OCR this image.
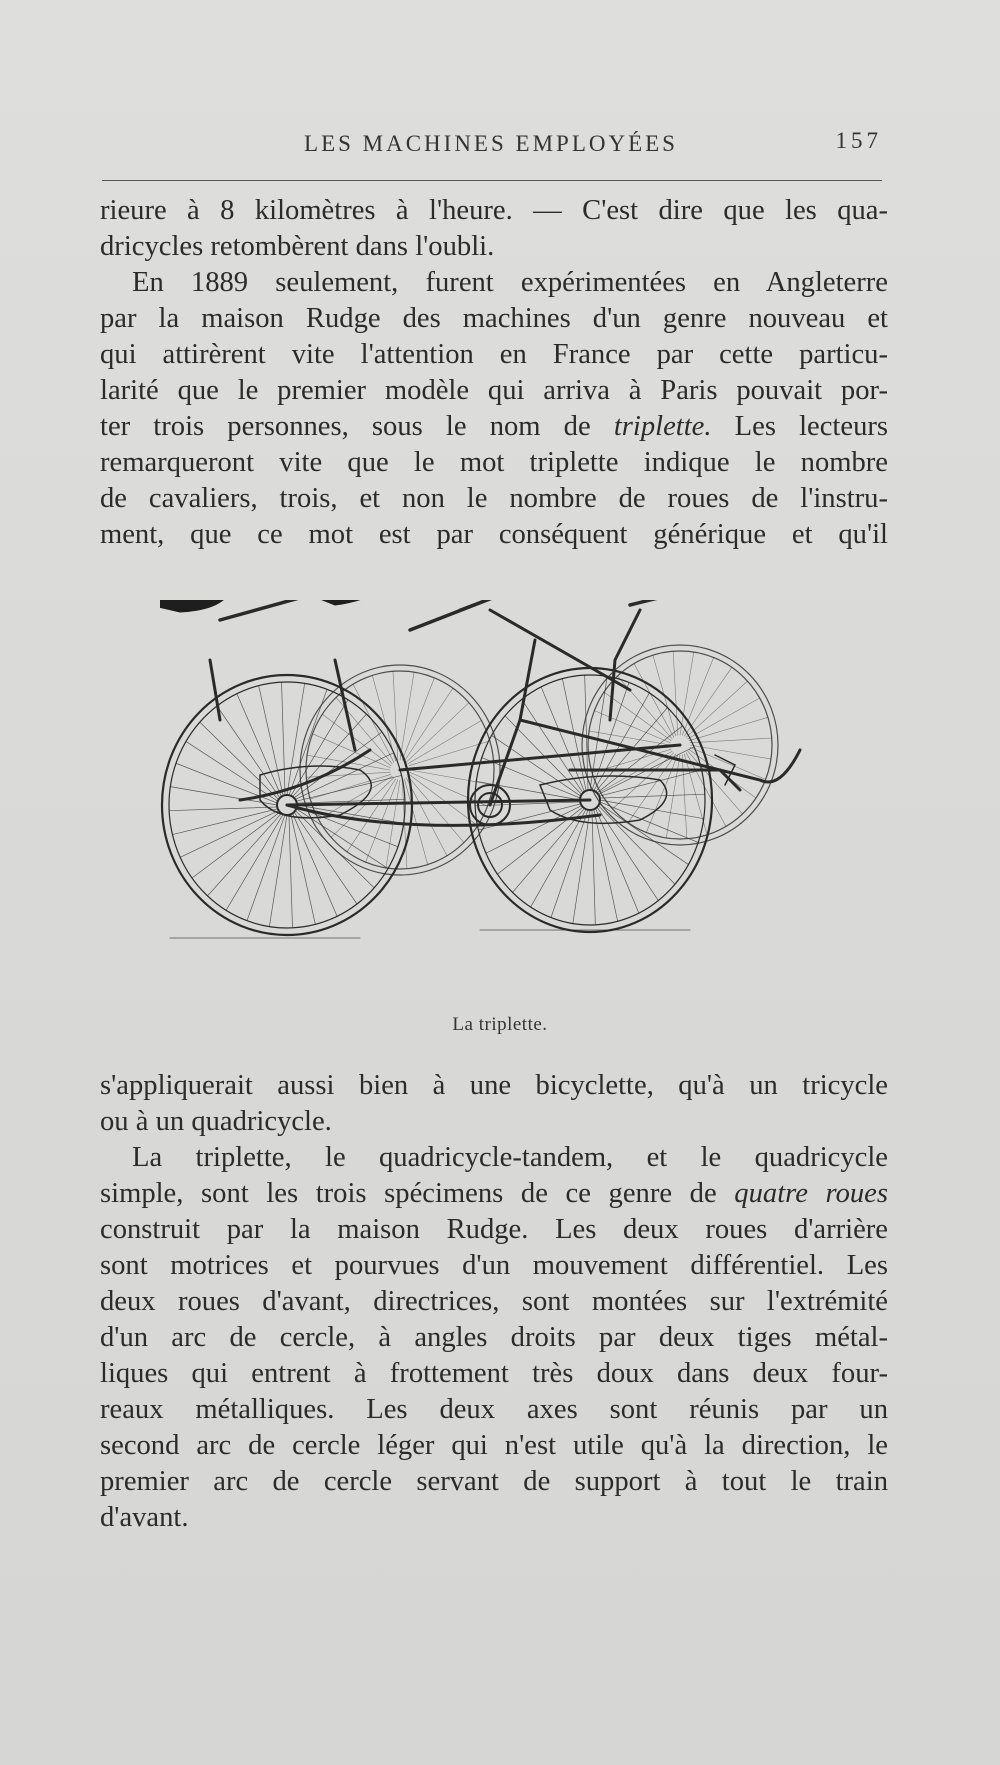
LES MACHINES EMPLOYÉES	157
rieure à 8 kilomètres à l'heure. — C'est dire que les qua-
dricycles retombèrent dans l'oubli.
En 1889 seulement, furent expérimentées en Angleterre
par la maison Rudge des machines d'un genre nouveau et
qui attirèrent vite l'attention en France par cette particu-
larité que le premier modèle qui arriva à Paris pouvait por-
ter trois personnes, sous le nom de triplette. Les lecteurs
remarqueront vite que le mot triplette indique le nombre
de cavaliers, trois, et non le nombre de roues de l'instru-
ment, que ce mot est par conséquent générique et qu'il
La triplette.
s'appliquerait aussi bien à une bicyclette, qu'à un tricycle
ou à un quadricycle.
La triplette, le quadricycle-tandem, et le quadricycle
simple, sont les trois spécimens de ce genre de quatre roues
construit par la maison Rudge. Les deux roues d'arrière
sont motrices et pourvues d'un mouvement différentiel. Les
deux roues d'avant, directrices, sont montées sur l'extrémité
d'un arc de cercle, à angles droits par deux tiges métal-
liques qui entrent à frottement très doux dans deux four-
reaux métalliques. Les deux axes sont réunis par un
second arc de cercle léger qui n'est utile qu'à la direction, le
premier arc de cercle servant de support à tout le train
d'avant.
